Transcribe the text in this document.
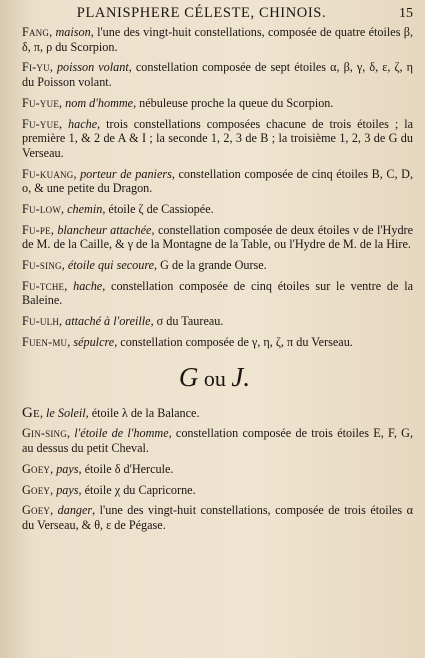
PLANISPHERE CÉLESTE, CHINOIS.	15

Fang, maison, l'une des vingt-huit constellations, composée de quatre étoiles β, δ, π, ρ du Scorpion.

Fi-yu, poisson volant, constellation composée de sept étoiles α, β, γ, δ, ε, ζ, η du Poisson volant.

Fu-yue, nom d'homme, nébuleuse proche la queue du Scorpion.

Fu-yue, hache, trois constellations composées chacune de trois étoiles ; la première 1, & 2 de A & I ; la seconde 1, 2, 3 de B ; la troisième 1, 2, 3 de G du Verseau.

Fu-kuang, porteur de paniers, constellation composée de cinq étoiles B, C, D, o, & une petite du Dragon.

Fu-low, chemin, étoile ζ de Cassiopée.

Fu-pe, blancheur attachée, constellation composée de deux étoiles ν de l'Hydre de M. de la Caille, & γ de la Montagne de la Table, ou l'Hydre de M. de la Hire.

Fu-sing, étoile qui secoure, G de la grande Ourse.

Fu-tche, hache, constellation composée de cinq étoiles sur le ventre de la Baleine.

Fu-ulh, attaché à l'oreille, σ du Taureau.

Fuen-mu, sépulcre, constellation composée de γ, η, ζ, π du Verseau.

G ou J.

Ge, le Soleil, étoile λ de la Balance.

Gin-sing, l'étoile de l'homme, constellation composée de trois étoiles E, F, G, au dessus du petit Cheval.

Goey, pays, étoile δ d'Hercule.

Goey, pays, étoile χ du Capricorne.

Goey, danger, l'une des vingt-huit constellations, composée de trois étoiles α du Verseau, & θ, ε de Pégase.
